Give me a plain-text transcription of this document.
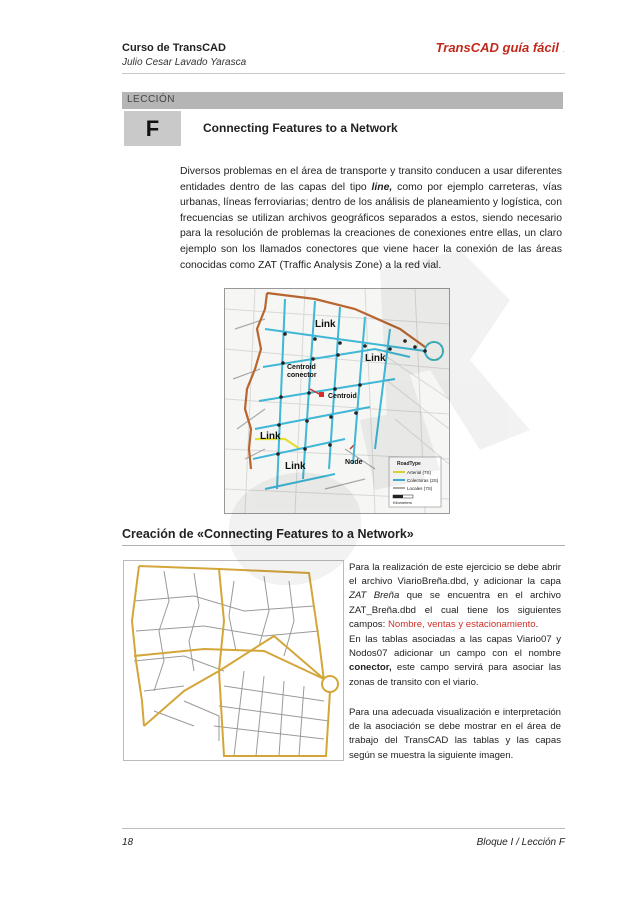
Curso de TransCAD
Julio Cesar Lavado Yarasca
TransCAD guía fácil .
LECCIÓN
F	Connecting Features to a Network
Diversos problemas en el área de transporte y transito conducen a usar diferentes entidades dentro de las capas del tipo line, como por ejemplo carreteras, vías urbanas, líneas ferroviarias; dentro de los análisis de planeamiento y logística, con frecuencias se utilizan archivos geográficos separados a estos, siendo necesario para la resolución de problemas la creaciones de conexiones entre ellas, un claro ejemplo son los llamados conectores que viene hacer la conexión de las áreas conocidas como ZAT (Traffic Analysis Zone) a la red vial.
Link
Link
Link
Link
Centroid
conector
Centroid
Node	RoadType
Arterial (7S)
Colectoras (2S)
Locales (7S)
Kilometers
Creación de «Connecting Features to a Network»
Para la realización de este ejercicio se debe abrir el archivo ViarioBreña.dbd, y adicionar la capa ZAT Breña que se encuentra en el archivo ZAT_Breña.dbd el cual tiene los siguientes campos: Nombre, ventas y estacionamiento.
En las tablas asociadas a las capas Viario07 y Nodos07 adicionar un campo con el nombre conector, este campo servirá para asociar las zonas de transito con el viario.
Para una adecuada visualización e interpretación de la asociación se debe mostrar en el área de trabajo del TransCAD las tablas y las capas según se muestra la siguiente imagen.
18	Bloque I / Lección F
